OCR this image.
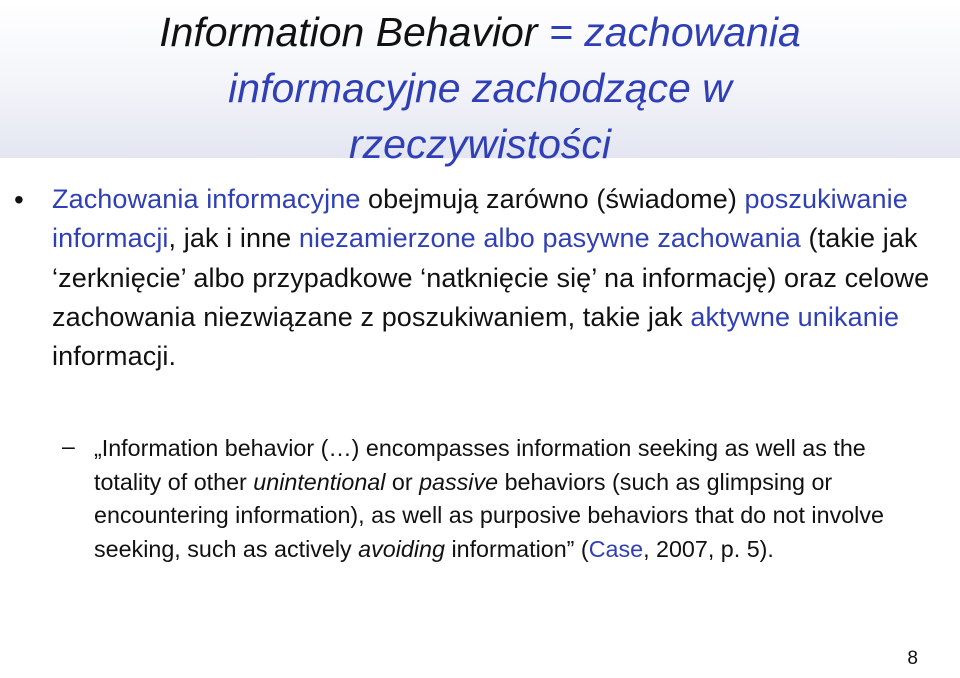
Information Behavior = zachowania
informacyjne zachodzące w
rzeczywistości
• Zachowania informacyjne obejmują zarówno (świadome) poszukiwanie informacji, jak i inne niezamierzone albo pasywne zachowania (takie jak ‘zerknięcie’ albo przypadkowe ‘natknięcie się’ na informację) oraz celowe zachowania niezwiązane z poszukiwaniem, takie jak aktywne unikanie informacji.
– „Information behavior (…) encompasses information seeking as well as the totality of other unintentional or passive behaviors (such as glimpsing or encountering information), as well as purposive behaviors that do not involve seeking, such as actively avoiding information” (Case, 2007, p. 5).
8
